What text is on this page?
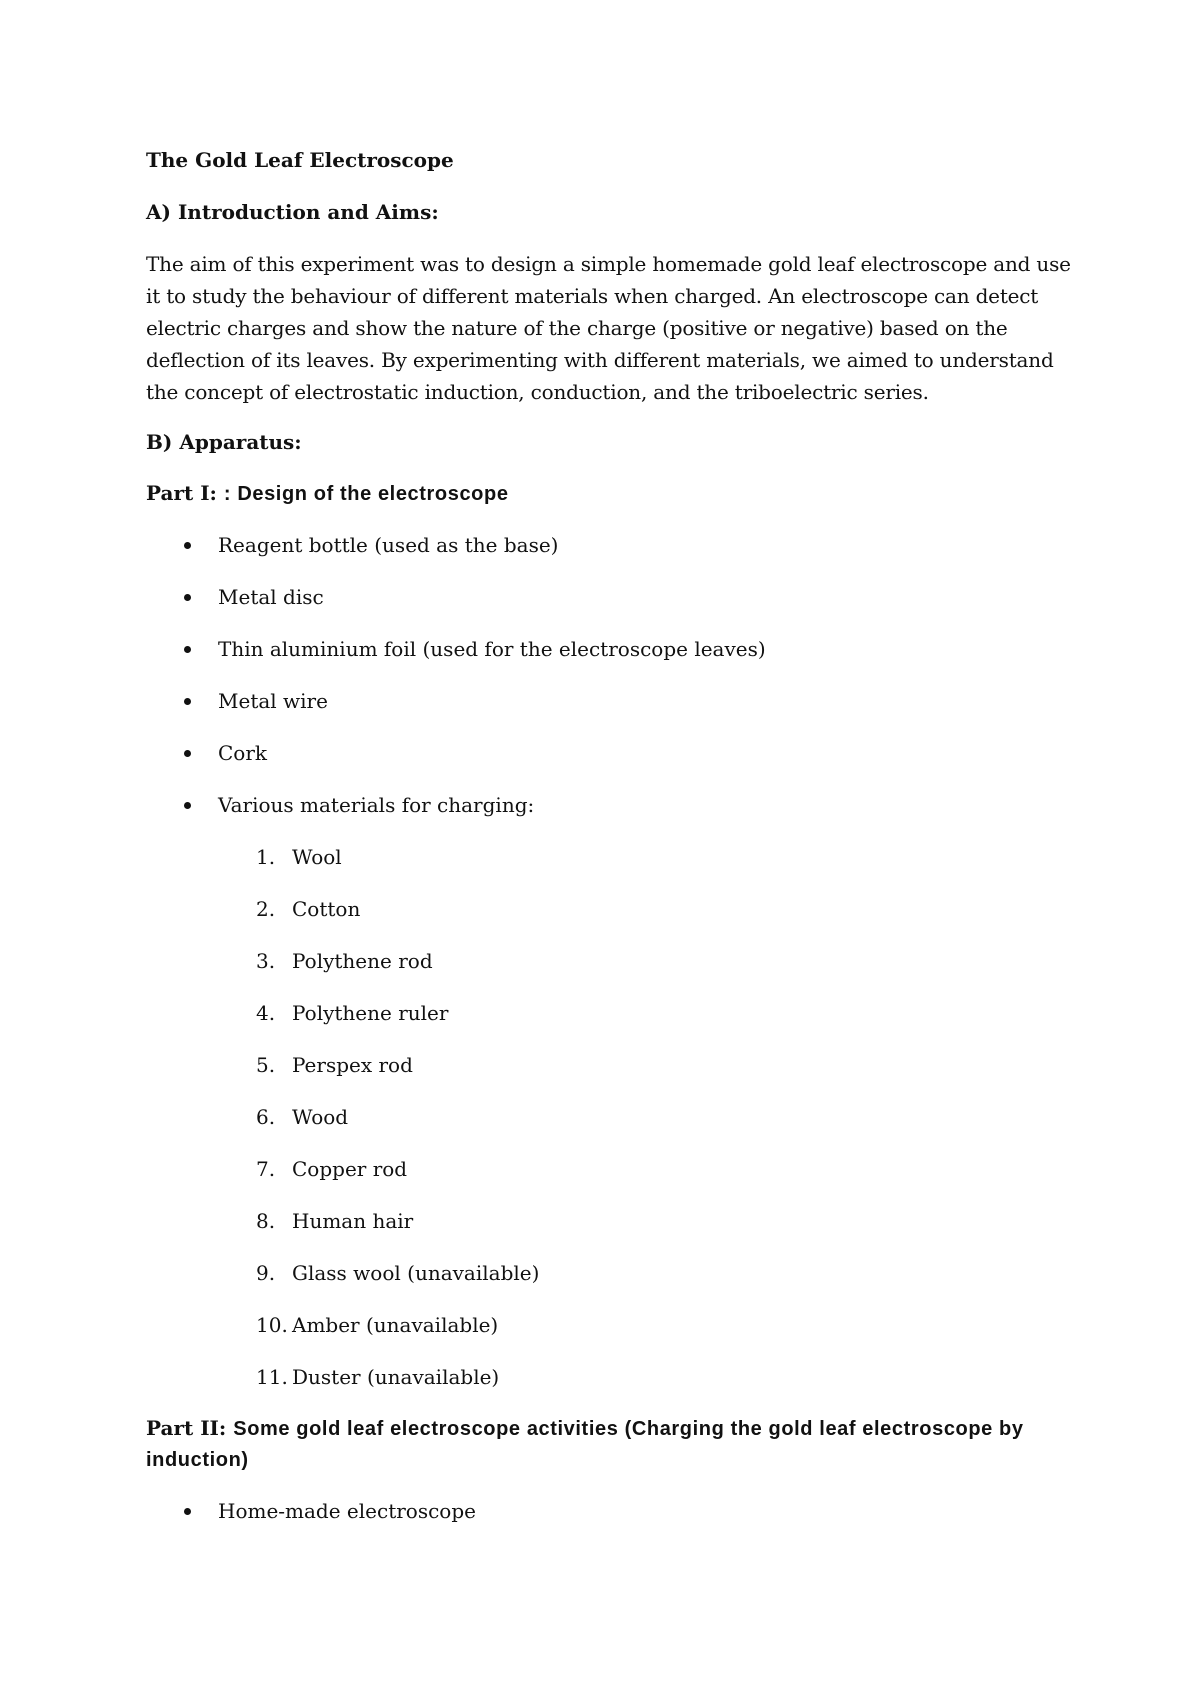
The Gold Leaf Electroscope

A) Introduction and Aims:

The aim of this experiment was to design a simple homemade gold leaf electroscope and use
it to study the behaviour of different materials when charged. An electroscope can detect
electric charges and show the nature of the charge (positive or negative) based on the
deflection of its leaves. By experimenting with different materials, we aimed to understand
the concept of electrostatic induction, conduction, and the triboelectric series.

B) Apparatus:

Part I: : Design of the electroscope

Reagent bottle (used as the base)
Metal disc
Thin aluminium foil (used for the electroscope leaves)
Metal wire
Cork
Various materials for charging:
1. Wool
2. Cotton
3. Polythene rod
4. Polythene ruler
5. Perspex rod
6. Wood
7. Copper rod
8. Human hair
9. Glass wool (unavailable)
10. Amber (unavailable)
11. Duster (unavailable)

Part II: Some gold leaf electroscope activities (Charging the gold leaf electroscope by
induction)

Home-made electroscope
